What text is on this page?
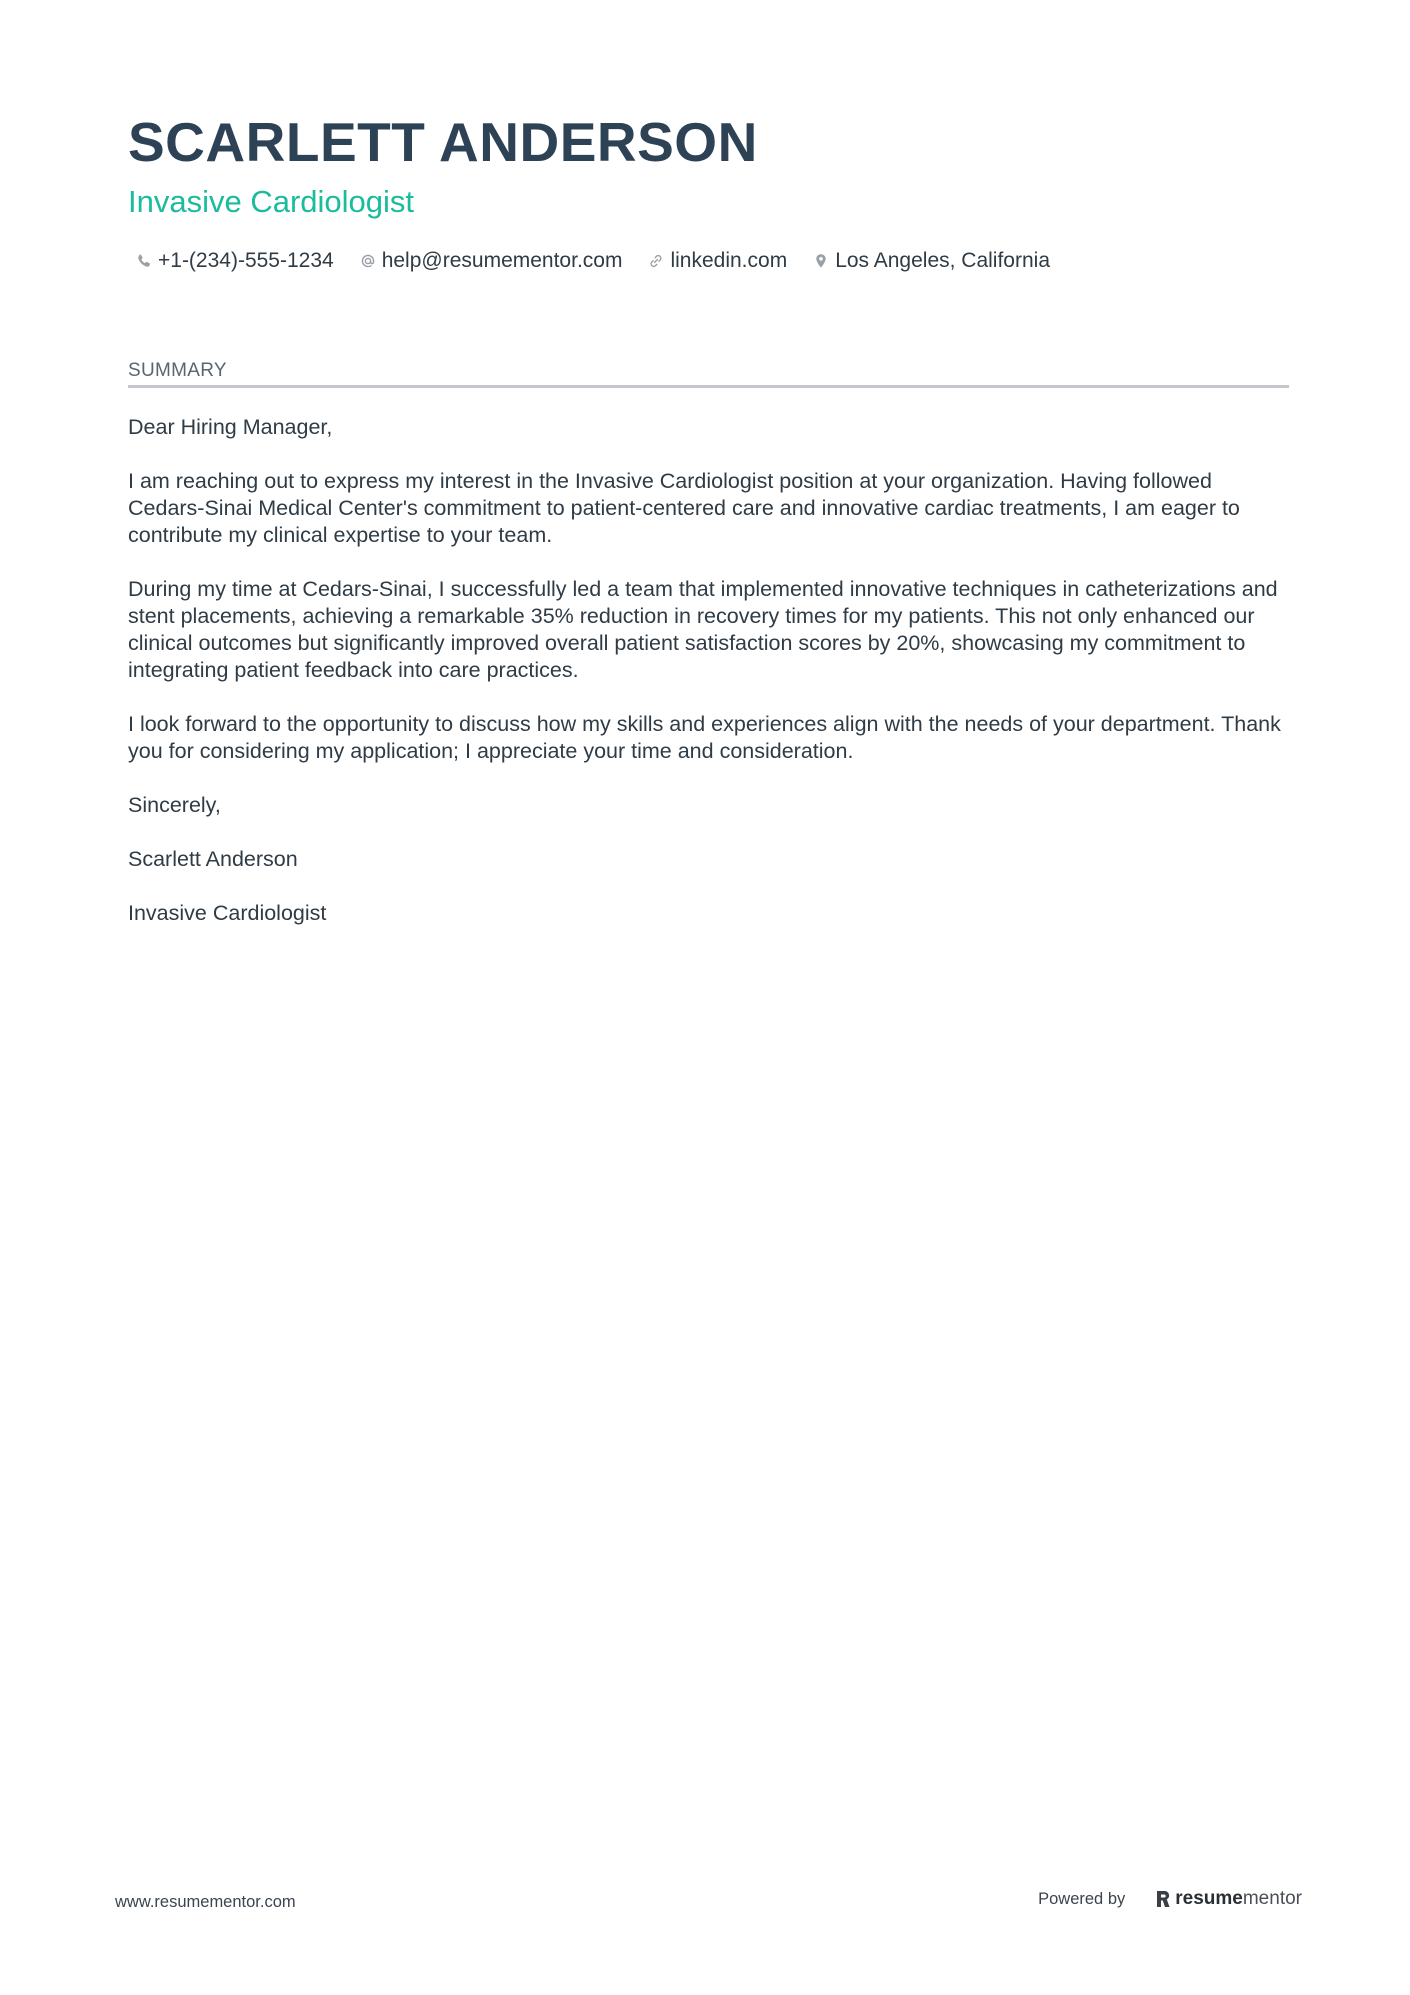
SCARLETT ANDERSON
Invasive Cardiologist
+1-(234)-555-1234 help@resumementor.com linkedin.com Los Angeles, California
SUMMARY

Dear Hiring Manager,

I am reaching out to express my interest in the Invasive Cardiologist position at your organization. Having followed Cedars-Sinai Medical Center's commitment to patient-centered care and innovative cardiac treatments, I am eager to contribute my clinical expertise to your team.

During my time at Cedars-Sinai, I successfully led a team that implemented innovative techniques in catheterizations and stent placements, achieving a remarkable 35% reduction in recovery times for my patients. This not only enhanced our clinical outcomes but significantly improved overall patient satisfaction scores by 20%, showcasing my commitment to integrating patient feedback into care practices.

I look forward to the opportunity to discuss how my skills and experiences align with the needs of your department. Thank you for considering my application; I appreciate your time and consideration.

Sincerely,

Scarlett Anderson

Invasive Cardiologist

www.resumementor.com	Powered by	resume mentor
